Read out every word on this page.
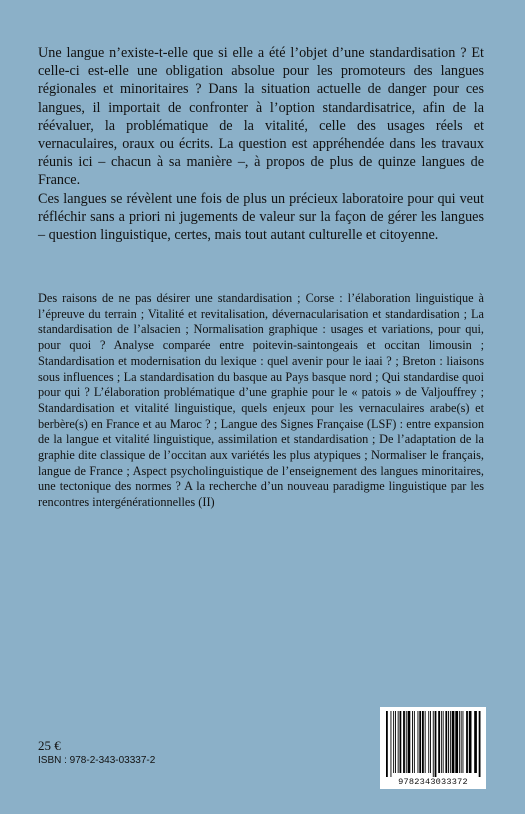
Une langue n’existe-t-elle que si elle a été l’objet d’une standardisation ? Et celle-ci est-elle une obligation absolue pour les promoteurs des langues régionales et minoritaires ? Dans la situation actuelle de danger pour ces langues, il importait de confronter à l’option standardisatrice, afin de la réévaluer, la problématique de la vitalité, celle des usages réels et vernaculaires, oraux ou écrits. La question est appréhendée dans les travaux réunis ici – chacun à sa manière –, à propos de plus de quinze langues de France.

Ces langues se révèlent une fois de plus un précieux laboratoire pour qui veut réfléchir sans a priori ni jugements de valeur sur la façon de gérer les langues – question linguistique, certes, mais tout autant culturelle et citoyenne.

Des raisons de ne pas désirer une standardisation ; Corse : l’élaboration linguistique à l’épreuve du terrain ; Vitalité et revitalisation, dévernacularisation et standardisation ; La standardisation de l’alsacien ; Normalisation graphique : usages et variations, pour qui, pour quoi ? Analyse comparée entre poitevin-saintongeais et occitan limousin ; Standardisation et modernisation du lexique : quel avenir pour le iaai ? ; Breton : liaisons sous influences ; La standardisation du basque au Pays basque nord ; Qui standardise quoi pour qui ? L’élaboration problématique d’une graphie pour le « patois » de Valjouffrey ; Standardisation et vitalité linguistique, quels enjeux pour les vernaculaires arabe(s) et berbère(s) en France et au Maroc ? ; Langue des Signes Française (LSF) : entre expansion de la langue et vitalité linguistique, assimilation et standardisation ; De l’adaptation de la graphie dite classique de l’occitan aux variétés les plus atypiques ; Normaliser le français, langue de France ; Aspect psycholinguistique de l’enseignement des langues minoritaires, une tectonique des normes ? A la recherche d’un nouveau paradigme linguistique par les rencontres intergénérationnelles (II)

25 €
ISBN : 978-2-343-03337-2
9782343033372
